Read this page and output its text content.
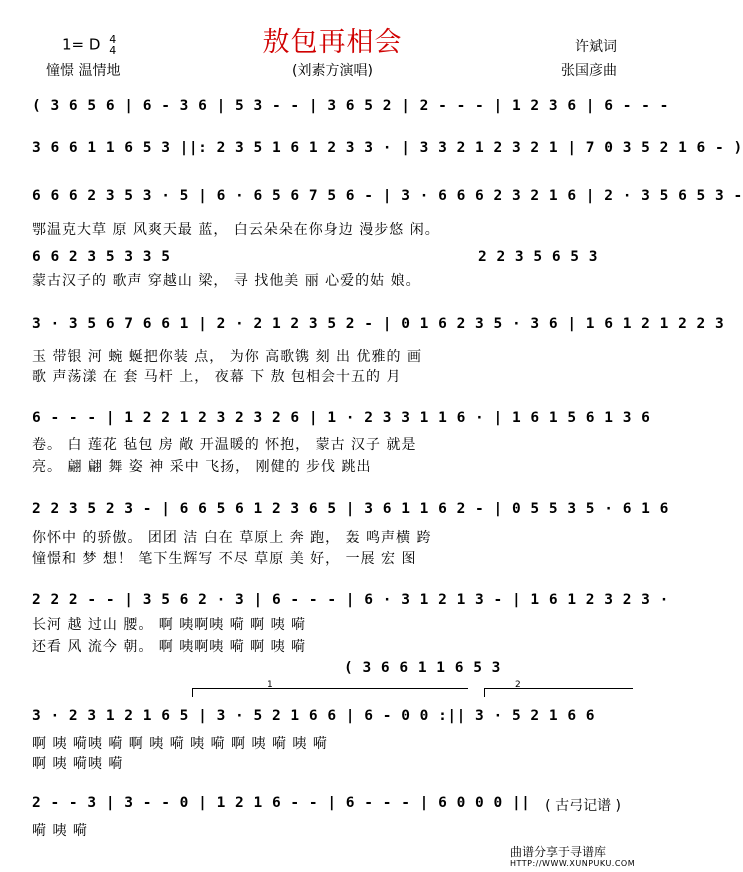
敖包再相会
1= D 4
4
憧憬 温情地	(刘素方演唱)
许斌词
张国彦曲
( 3 6 5 6 | 6 - 3 6 | 5 3 - - | 3 6 5 2 | 2 - - - | 1 2 3 6 | 6 - - -
3 6 6 1 1 6 5 3 ||: 2 3 5 1 6 1 2 3 3 · | 3 3 2 1 2 3 2 1 | 7 0 3 5 2 1 6 - )
6 6 6 2 3 5 3 · 5 | 6 · 6 5 6 7 5 6 - | 3 · 6 6 6 2 3 2 1 6 | 2 · 3 5 6 5 3 -
鄂温克大草 原 风爽天最 蓝， 白云朵朵在你身边 漫步悠 闲。
6 6 2 3 5 3 3 5	2 2 3 5 6 5 3
蒙古汉子的 歌声 穿越山 梁， 寻 找他美 丽 心爱的姑 娘。
3 · 3 5 6 7 6 6 1 | 2 · 2 1 2 3 5 2 - | 0 1 6 2 3 5 · 3 6 | 1 6 1 2 1 2 2 3
玉 带银 河 蜿 蜒把你装 点， 为你 高歌镌 刻 出 优雅的 画
歌 声荡漾 在 套 马杆 上， 夜幕 下 敖 包相会十五的 月
6 - - - | 1 2 2 1 2 3 2 3 2 6 | 1 · 2 3 3 1 1 6 · | 1 6 1 5 6 1 3 6
卷。 白 莲花 毡包 房 敞 开温暖的 怀抱， 蒙古 汉子 就是
亮。 翩 翩 舞 姿 神 采中 飞扬， 刚健的 步伐 跳出
2 2 3 5 2 3 - | 6 6 5 6 1 2 3 6 5 | 3 6 1 1 6 2 - | 0 5 5 3 5 · 6 1 6
你怀中 的骄傲。 团团 洁 白在 草原上 奔 跑， 轰 鸣声横 跨
憧憬和 梦 想！ 笔下生辉写 不尽 草原 美 好， 一展 宏 图
2 2 2 - - | 3 5 6 2 · 3 | 6 - - - | 6 · 3 1 2 1 3 - | 1 6 1 2 3 2 3 ·
长河 越 过山 腰。 啊 咦啊咦 嗬 啊 咦 嗬
还看 风 流今 朝。 啊 咦啊咦 嗬 啊 咦 嗬
( 3 6 6 1 1 6 5 3
1	2
3 · 2 3 1 2 1 6 5 | 3 · 5 2 1 6 6 | 6 - 0 0 :|| 3 · 5 2 1 6 6
啊 咦 嗬咦 嗬 啊 咦 嗬 咦 嗬 啊 咦 嗬 咦 嗬
啊 咦 嗬咦 嗬
2 - - 3 | 3 - - 0 | 1 2 1 6 - - | 6 - - - | 6 0 0 0 ||
嗬 咦 嗬
( 古弓记谱 )
曲谱分享于寻谱库
HTTP://WWW.XUNPUKU.COM
